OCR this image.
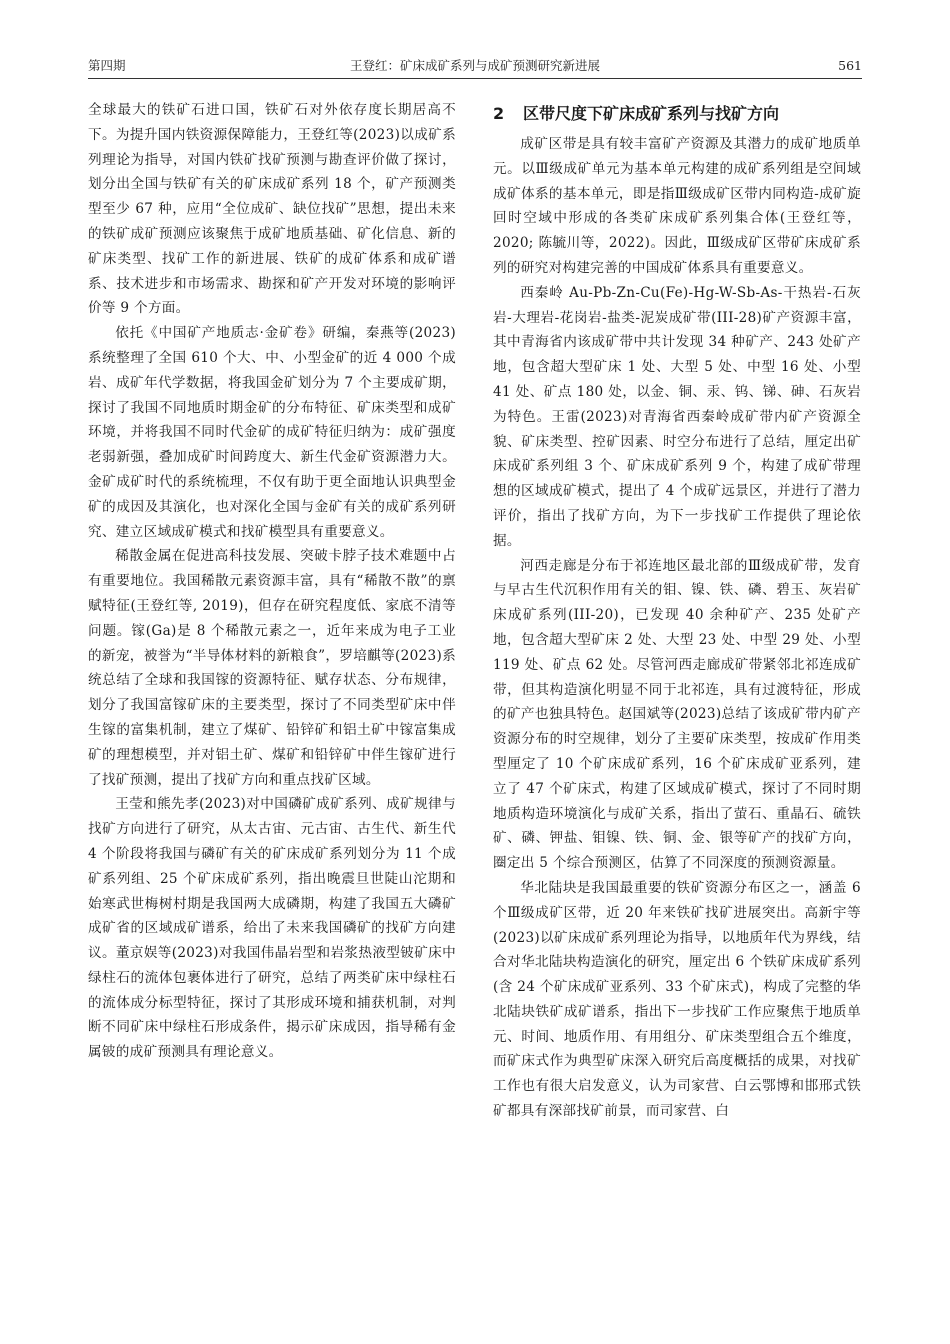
第四期	王登红：矿床成矿系列与成矿预测研究新进展	561

全球最大的铁矿石进口国，铁矿石对外依存度长期居高不下。为提升国内铁资源保障能力，王登红等(2023)以成矿系列理论为指导，对国内铁矿找矿预测与勘查评价做了探讨，划分出全国与铁矿有关的矿床成矿系列 18 个，矿产预测类型至少 67 种，应用“全位成矿、缺位找矿”思想，提出未来的铁矿成矿预测应该聚焦于成矿地质基础、矿化信息、新的矿床类型、找矿工作的新进展、铁矿的成矿体系和成矿谱系、技术进步和市场需求、勘探和矿产开发对环境的影响评价等 9 个方面。

依托《中国矿产地质志·金矿卷》研编，秦燕等(2023)系统整理了全国 610 个大、中、小型金矿的近 4 000 个成岩、成矿年代学数据，将我国金矿划分为 7 个主要成矿期，探讨了我国不同地质时期金矿的分布特征、矿床类型和成矿环境，并将我国不同时代金矿的成矿特征归纳为：成矿强度老弱新强，叠加成矿时间跨度大、新生代金矿资源潜力大。金矿成矿时代的系统梳理，不仅有助于更全面地认识典型金矿的成因及其演化，也对深化全国与金矿有关的成矿系列研究、建立区域成矿模式和找矿模型具有重要意义。

稀散金属在促进高科技发展、突破卡脖子技术难题中占有重要地位。我国稀散元素资源丰富，具有“稀散不散”的禀赋特征(王登红等, 2019)，但存在研究程度低、家底不清等问题。镓(Ga)是 8 个稀散元素之一，近年来成为电子工业的新宠，被誉为“半导体材料的新粮食”，罗培麒等(2023)系统总结了全球和我国镓的资源特征、赋存状态、分布规律，划分了我国富镓矿床的主要类型，探讨了不同类型矿床中伴生镓的富集机制，建立了煤矿、铅锌矿和铝土矿中镓富集成矿的理想模型，并对铝土矿、煤矿和铅锌矿中伴生镓矿进行了找矿预测，提出了找矿方向和重点找矿区域。

王莹和熊先孝(2023)对中国磷矿成矿系列、成矿规律与找矿方向进行了研究，从太古宙、元古宙、古生代、新生代 4 个阶段将我国与磷矿有关的矿床成矿系列划分为 11 个成矿系列组、25 个矿床成矿系列，指出晚震旦世陡山沱期和始寒武世梅树村期是我国两大成磷期，构建了我国五大磷矿成矿省的区域成矿谱系，给出了未来我国磷矿的找矿方向建议。董京娱等(2023)对我国伟晶岩型和岩浆热液型铍矿床中绿柱石的流体包裹体进行了研究，总结了两类矿床中绿柱石的流体成分标型特征，探讨了其形成环境和捕获机制，对判断不同矿床中绿柱石形成条件，揭示矿床成因，指导稀有金属铍的成矿预测具有理论意义。

2 区带尺度下矿床成矿系列与找矿方向

成矿区带是具有较丰富矿产资源及其潜力的成矿地质单元。以Ⅲ级成矿单元为基本单元构建的成矿系列组是空间域成矿体系的基本单元，即是指Ⅲ级成矿区带内同构造-成矿旋回时空域中形成的各类矿床成矿系列集合体(王登红等，2020; 陈毓川等，2022)。因此，Ⅲ级成矿区带矿床成矿系列的研究对构建完善的中国成矿体系具有重要意义。

西秦岭 Au-Pb-Zn-Cu(Fe)-Hg-W-Sb-As-干热岩-石灰岩-大理岩-花岗岩-盐类-泥炭成矿带(III-28)矿产资源丰富，其中青海省内该成矿带中共计发现 34 种矿产、243 处矿产地，包含超大型矿床 1 处、大型 5 处、中型 16 处、小型 41 处、矿点 180 处，以金、铜、汞、钨、锑、砷、石灰岩为特色。王雷(2023)对青海省西秦岭成矿带内矿产资源全貌、矿床类型、控矿因素、时空分布进行了总结，厘定出矿床成矿系列组 3 个、矿床成矿系列 9 个，构建了成矿带理想的区域成矿模式，提出了 4 个成矿远景区，并进行了潜力评价，指出了找矿方向，为下一步找矿工作提供了理论依据。

河西走廊是分布于祁连地区最北部的Ⅲ级成矿带，发育与早古生代沉积作用有关的钼、镍、铁、磷、碧玉、灰岩矿床成矿系列(III-20)，已发现 40 余种矿产、235 处矿产地，包含超大型矿床 2 处、大型 23 处、中型 29 处、小型 119 处、矿点 62 处。尽管河西走廊成矿带紧邻北祁连成矿带，但其构造演化明显不同于北祁连，具有过渡特征，形成的矿产也独具特色。赵国斌等(2023)总结了该成矿带内矿产资源分布的时空规律，划分了主要矿床类型，按成矿作用类型厘定了 10 个矿床成矿系列，16 个矿床成矿亚系列，建立了 47 个矿床式，构建了区域成矿模式，探讨了不同时期地质构造环境演化与成矿关系，指出了萤石、重晶石、硫铁矿、磷、钾盐、钼镍、铁、铜、金、银等矿产的找矿方向，圈定出 5 个综合预测区，估算了不同深度的预测资源量。

华北陆块是我国最重要的铁矿资源分布区之一，涵盖 6 个Ⅲ级成矿区带，近 20 年来铁矿找矿进展突出。高新宇等(2023)以矿床成矿系列理论为指导，以地质年代为界线，结合对华北陆块构造演化的研究，厘定出 6 个铁矿床成矿系列(含 24 个矿床成矿亚系列、33 个矿床式)，构成了完整的华北陆块铁矿成矿谱系，指出下一步找矿工作应聚焦于地质单元、时间、地质作用、有用组分、矿床类型组合五个维度，而矿床式作为典型矿床深入研究后高度概括的成果，对找矿工作也有很大启发意义，认为司家营、白云鄂博和邯邢式铁矿都具有深部找矿前景，而司家营、白
